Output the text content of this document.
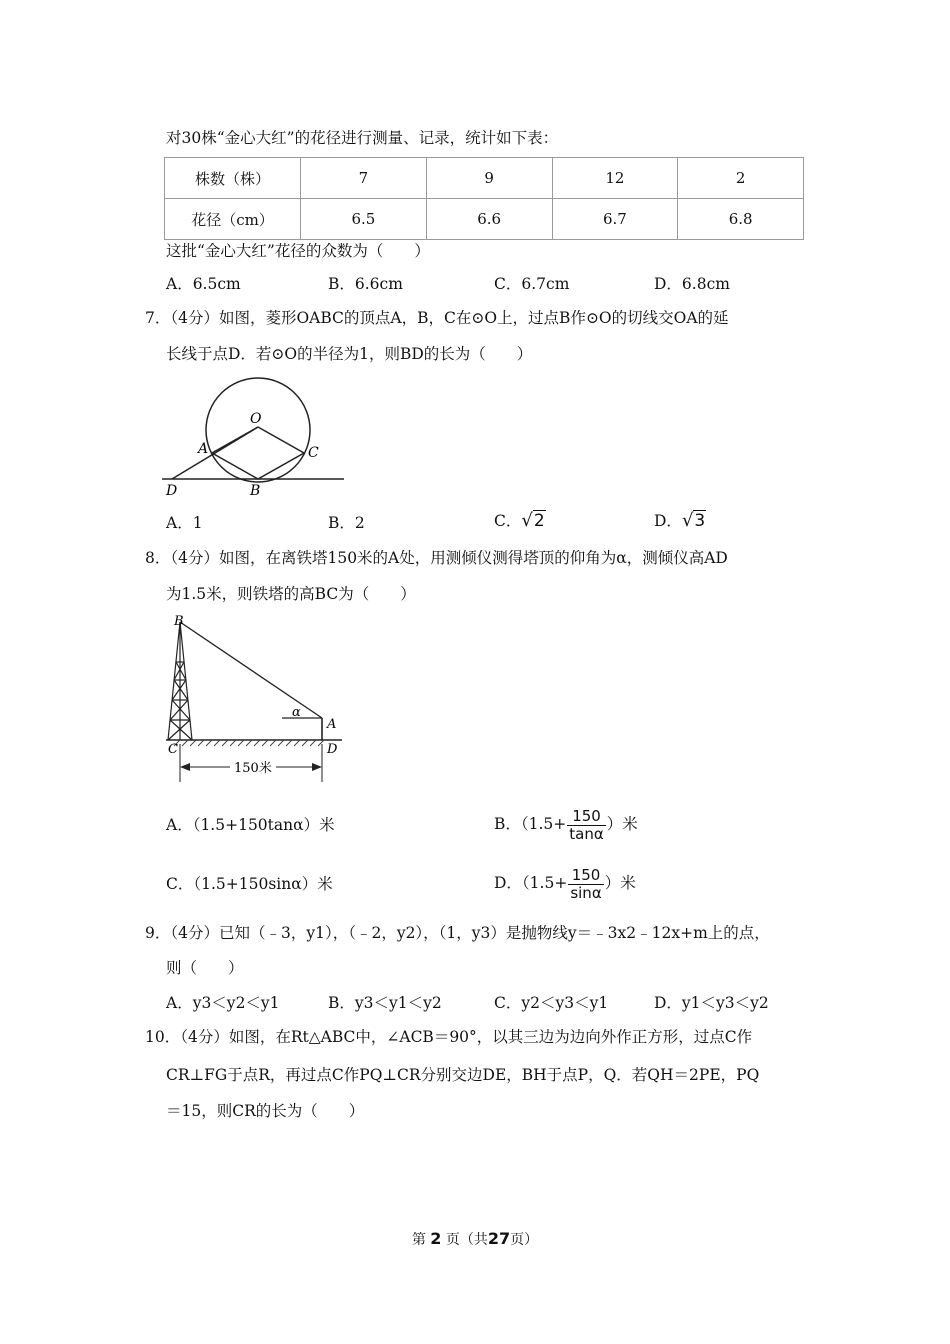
对30株“金心大红”的花径进行测量、记录，统计如下表：
株数（株）	7	9	12	2
花径（cm）	6.5	6.6	6.7	6.8
这批“金心大红”花径的众数为（　　）
A．6.5cm	B．6.6cm	C．6.7cm	D．6.8cm
7．（4分）如图，菱形OABC的顶点A，B，C在⊙O上，过点B作⊙O的切线交OA的延
长线于点D．若⊙O的半径为1，则BD的长为（　　）
O
A	C
D	B
A．1	B．2	C．√2	D．√3
8．（4分）如图，在离铁塔150米的A处，用测倾仪测得塔顶的仰角为α，测倾仪高AD
为1.5米，则铁塔的高BC为（　　）
B
α
A
C	D
150米
A．（1.5+150tanα）米	B．（$1.5+ \frac{150}{\tan\alpha}$ ）米
C．（1.5+150sinα）米	D．（$1.5+ \frac{150}{\sin\alpha}$ ）米
9．（4分）已知（﹣3，y1），（﹣2，y2），（1，y3）是抛物线y＝﹣3x2﹣12x+m上的点，
则（　　）
A．y3＜y2＜y1	B．y3＜y1＜y2	C．y2＜y3＜y1	D．y1＜y3＜y2
10．（4分）如图，在Rt△ABC中，∠ACB＝90°，以其三边为边向外作正方形，过点C作
CR⊥FG于点R，再过点C作PQ⊥CR分别交边DE，BH于点P，Q．若QH＝2PE，PQ
＝15，则CR的长为（　　）
第 2 页（共27页）
